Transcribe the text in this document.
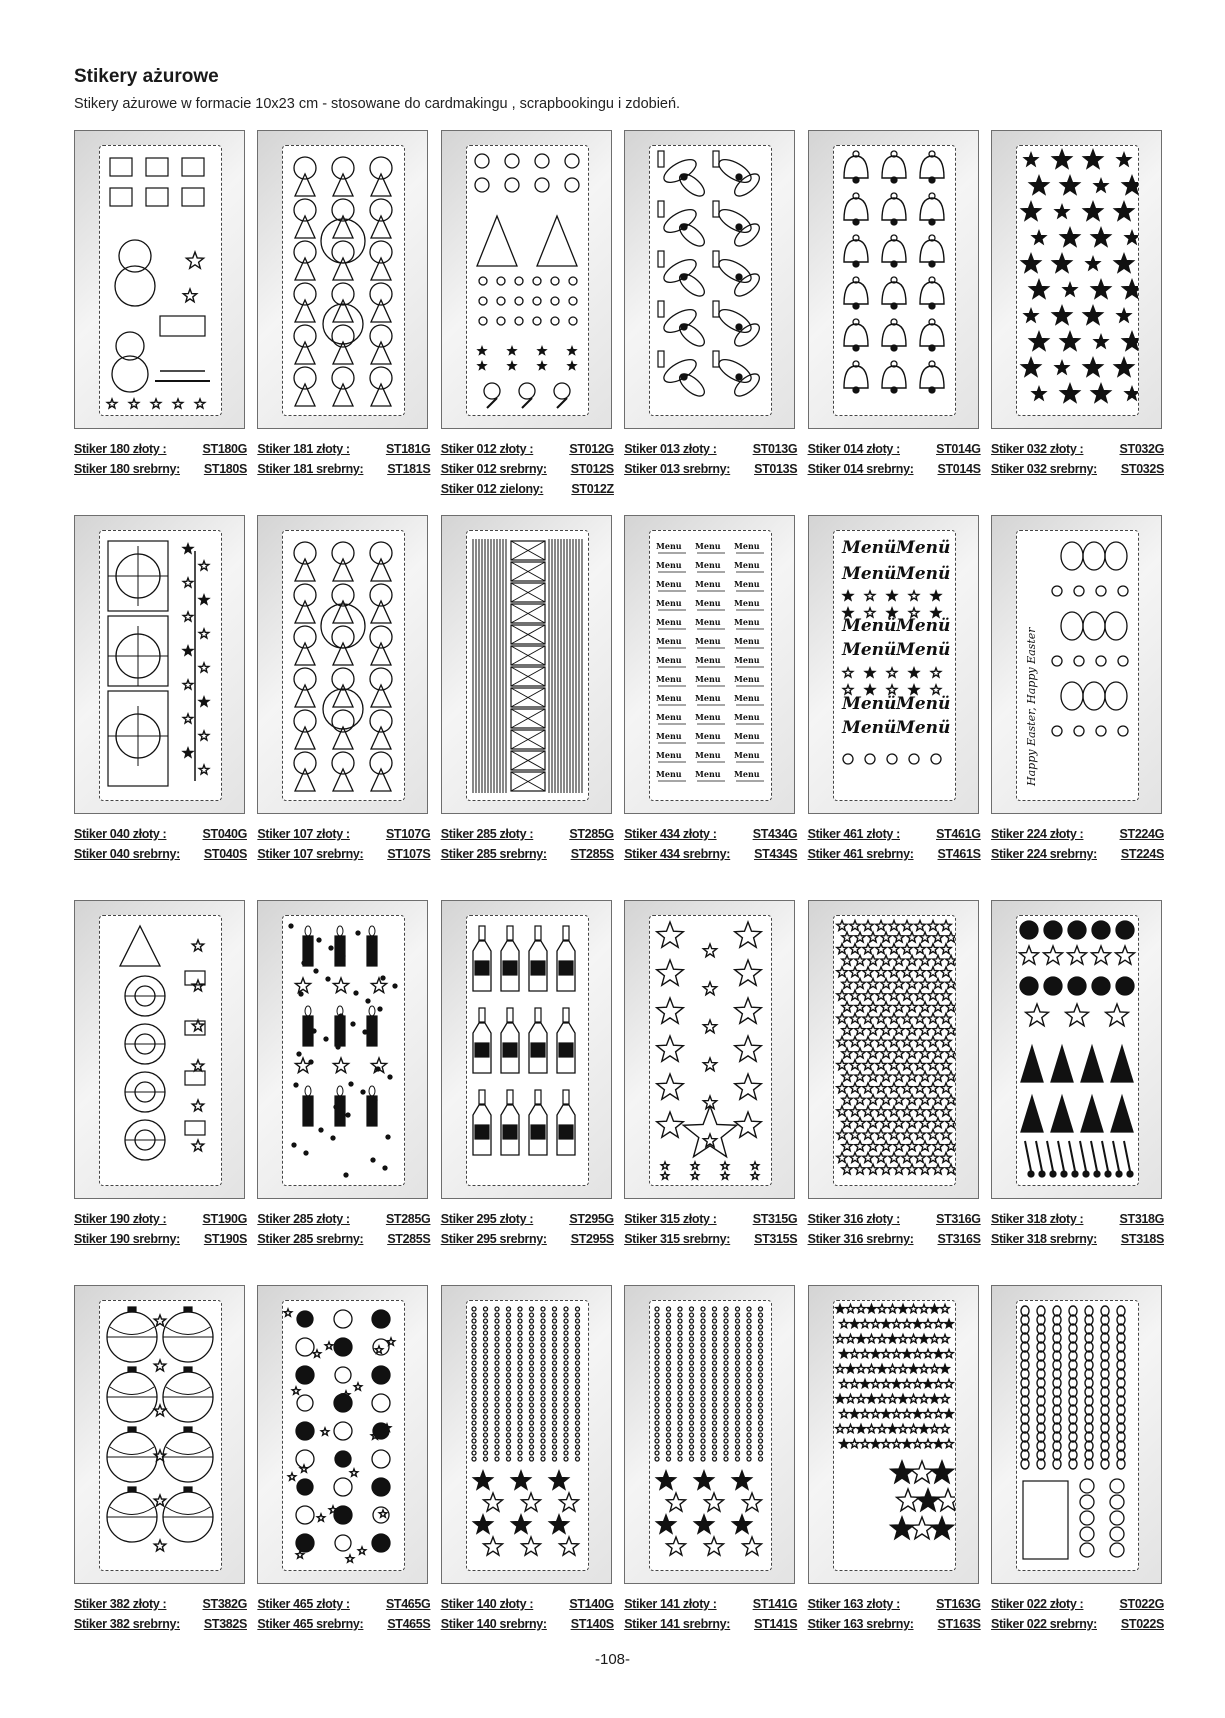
Stikery ażurowe
Stikery ażurowe w formacie 10x23 cm - stosowane do cardmakingu , scrapbookingu i zdobień.
Stiker 180 złoty :	ST180G
Stiker 180 srebrny: ST180S
Stiker 181 złoty :	ST181G
Stiker 181 srebrny: ST181S
Stiker 012 złoty :	ST012G
Stiker 012 srebrny: ST012S
Stiker 012 zielony: ST012Z
Stiker 013 złoty :	ST013G
Stiker 013 srebrny: ST013S
Stiker 014 złoty :	ST014G
Stiker 014 srebrny: ST014S
Stiker 032 złoty :	ST032G
Stiker 032 srebrny: ST032S
Stiker 040 złoty :	ST040G
Stiker 040 srebrny: ST040S
Stiker 107 złoty :	ST107G
Stiker 107 srebrny: ST107S
Stiker 285 złoty :	ST285G
Stiker 285 srebrny: ST285S
Menu Menu Menu
Menu Menu Menu
Menu Menu Menu
Menu Menu Menu
Menu Menu Menu
Menu Menu Menu
Menu Menu Menu
Menu Menu Menu
Menu Menu Menu
Menu Menu Menu
Menu Menu Menu
Menu Menu Menu
Menu Menu Menu
Stiker 434 złoty :	ST434G
Stiker 434 srebrny: ST434S
Menü Menü
Menü Menü
Menü Menü
Menü Menü
Menü Menü
Menü Menü
Stiker 461 złoty :	ST461G
Stiker 461 srebrny: ST461S
Happy Easter, Happy Easter
Stiker 224 złoty :	ST224G
Stiker 224 srebrny: ST224S
Stiker 190 złoty :	ST190G
Stiker 190 srebrny: ST190S
Stiker 285 złoty :	ST285G
Stiker 285 srebrny: ST285S
Stiker 295 złoty :	ST295G
Stiker 295 srebrny: ST295S
Stiker 315 złoty :	ST315G
Stiker 315 srebrny: ST315S
Stiker 316 złoty :	ST316G
Stiker 316 srebrny: ST316S
Stiker 318 złoty :	ST318G
Stiker 318 srebrny: ST318S
Stiker 382 złoty :	ST382G
Stiker 382 srebrny: ST382S
Stiker 465 złoty :	ST465G
Stiker 465 srebrny: ST465S
Stiker 140 złoty :	ST140G
Stiker 140 srebrny: ST140S
Stiker 141 złoty :	ST141G
Stiker 141 srebrny: ST141S
Stiker 163 złoty :	ST163G
Stiker 163 srebrny: ST163S
Stiker 022 złoty :	ST022G
Stiker 022 srebrny: ST022S
-108-
